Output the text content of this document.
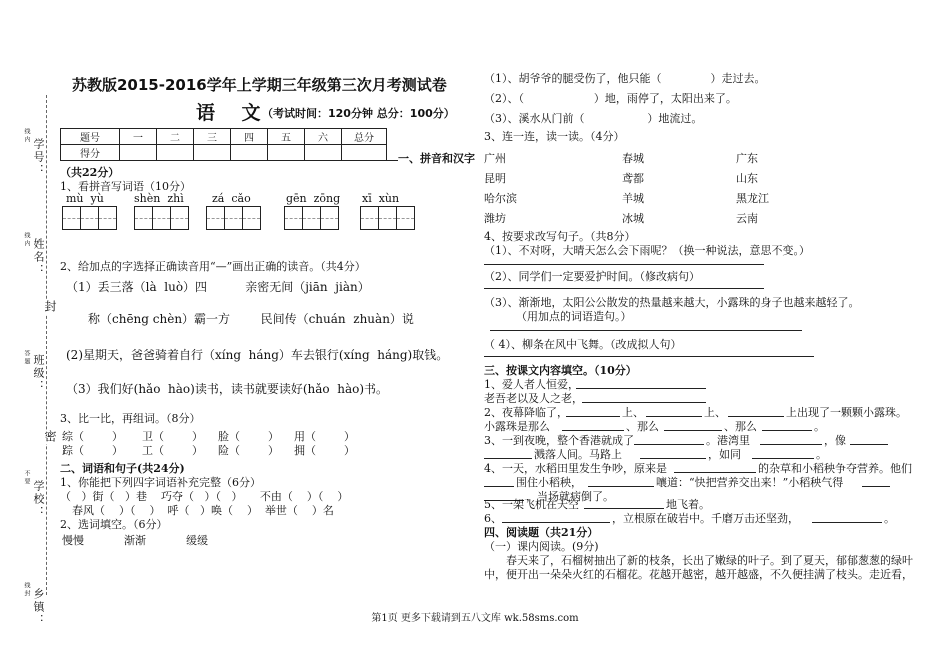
线内
学号：
线内 姓名：
封
答题 班级：
密
不要
学校：
线封 乡镇：
苏教版2015-2016学年上学期三年级第三次月考测试卷
语    文 （考试时间：120分钟 总分：100分）
题号	一	二	三	四	五	六	总分
得分								一、拼音和汉字
（共22分）
1、看拼音写词语（10分）
mù  yù	shèn  zhì	zá  cǎo	gēn  zōng xī  xùn
2、给加点的字选择正确读音用“—”画出正确的读音。（共4分）
（1）丢三落（là  luò）四          亲密无间（jiān  jiàn）
称（chēng chèn）霸一方        民间传（chuán  zhuàn）说
(2)星期天，爸爸骑着自行（xíng  háng）车去银行(xíng  háng)取钱。
（3）我们好(hǎo  hào)读书，读书就要读好(hǎo  hào)书。
3、比一比，再组词。（8分）
综（        ） 卫（        ） 脸（        ） 用（        ）
踪（        ） 工（        ） 险（        ） 拥（        ）
二、词语和句子(共24分)
1、你能把下列四字词语补充完整（6分）
（   ）街（   ）巷    巧夺（   ）（   ）     不由（    ）（    ）
春风（    ）（    ）  呼（   ）唤（    ）  举世（    ）名
2、选词填空。（6分）
慢慢	渐渐	缓缓
（1）、胡爷爷的腿受伤了，他只能（              ）走过去。
（2）、（                    ）地，雨停了，太阳出来了。
（3）、溪水从门前（                  ）地流过。
3、连一连，读一读。（4分）
广州
昆明
哈尔滨
潍坊
春城
鸢都
羊城
冰城
广东
山东
黑龙江
云南
4、按要求改写句子。（共8分）
（1）、不对呀，大晴天怎么会下雨呢？（换一种说法，意思不变。）
（2）、同学们一定要爱护时间。（修改病句）
（3）、渐渐地，太阳公公散发的热量越来越大，小露珠的身子也越来越轻了。
（用加点的词语造句。）
（ 4）、柳条在风中飞舞。（改成拟人句）
三、按课文内容填空。（10分）
1、爱人者人恒爱，
老吾老以及人之老，
2、夜幕降临了，	上、	上、	上出现了一颗颗小露珠。
小露珠是那么	、那么	、那么	。
3、一到夜晚，整个香港就成了	。港湾里	，像
溅落人间。马路上	，如同	。
4、一天，水稻田里发生争吵，原来是	的杂草和小稻秧争夺营养。他们
围住小稻秧，	嚷道：“快把营养交出来！”小稻秧气得
，当场就病倒了。
5、一架飞机在天空	地飞着。
6、	，立根原在破岩中。千磨万击还坚劲，	。
四、阅读题（共21分）
（一）课内阅读。(9分)
春天来了，石榴树抽出了新的枝条，长出了嫩绿的叶子。到了夏天，郁郁葱葱的绿叶
中，便开出一朵朵火红的石榴花。花越开越密，越开越盛，不久便挂满了枝头。走近看，
第1页 更多下载请到五八文库 wk.58sms.com
